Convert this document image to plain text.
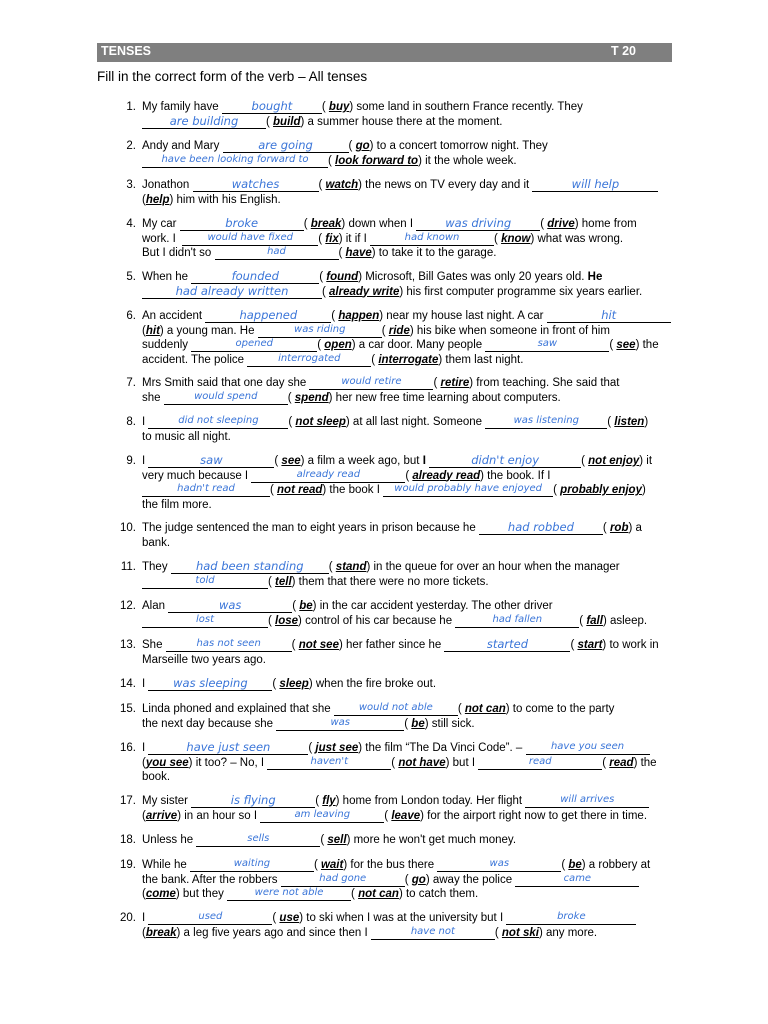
TENSES	T 20
Fill in the correct form of the verb – All tenses
1. My family have	bought	( buy ) some land in southern France recently. They
are building	( build ) a summer house there at the moment.
2. Andy and Mary	are going	( go ) to a concert tomorrow night. They
have been looking forward to	( look forward to ) it the whole week.
3. Jonathon	watches	( watch ) the news on TV every day and it	will help
( help ) him with his English.
4. My car	broke	( break ) down when I	was driving	( drive ) home from
work. I	would have fixed	( fix ) it if I	had known	( know ) what was wrong.
But I didn't so	had	( have ) to take it to the garage.
5. When he	founded	( found ) Microsoft, Bill Gates was only 20 years old. He
had already written	( already write ) his first computer programme six years earlier.
6. An accident	happened	( happen ) near my house last night. A car	hit
( hit ) a young man. He	was riding	( ride ) his bike when someone in front of him
suddenly	opened	( open ) a car door. Many people	saw	( see ) the
accident. The police	interrogated	( interrogate ) them last night.
7. Mrs Smith said that one day she	would retire	( retire ) from teaching. She said that
she	would spend	( spend ) her new free time learning about computers.
8. I	did not sleeping	( not sleep ) at all last night. Someone	was listening	( listen )
to music all night.
9. I	saw	( see ) a film a week ago, but I	didn't enjoy	( not enjoy ) it
very much because I	already read	( already read ) the book. If I
hadn't read	( not read ) the book I	would probably have enjoyed ( probably enjoy )
the film more.
10. The judge sentenced the man to eight years in prison because he	had robbed	( rob ) a
bank.
11. They	had been standing	( stand ) in the queue for over an hour when the manager
told	( tell ) them that there were no more tickets.
12. Alan	was	( be ) in the car accident yesterday. The other driver
lost	( lose ) control of his car because he	had fallen	( fall ) asleep.
13. She	has not seen	( not see ) her father since he	started	( start ) to work in
Marseille two years ago.
14. I	was sleeping	( sleep ) when the fire broke out.
15. Linda phoned and explained that she	would not able	( not can ) to come to the party
the next day because she	was	( be ) still sick.
16. I	have just seen	( just see ) the film “The Da Vinci Code”. –	have you seen
( you see ) it too? – No, I	haven't	( not have ) but I	read	( read ) the
book.
17. My sister	is flying	( fly ) home from London today. Her flight	will arrives
( arrive ) in an hour so I	am leaving	( leave ) for the airport right now to get there in time.
18. Unless he	sells	( sell ) more he won't get much money.
19. While he	waiting	( wait ) for the bus there	was	( be ) a robbery at
the bank. After the robbers	had gone	( go ) away the police	came
( come ) but they	were not able	( not can ) to catch them.
20. I	used	( use ) to ski when I was at the university but I	broke
( break ) a leg five years ago and since then I	have not	( not ski ) any more.
